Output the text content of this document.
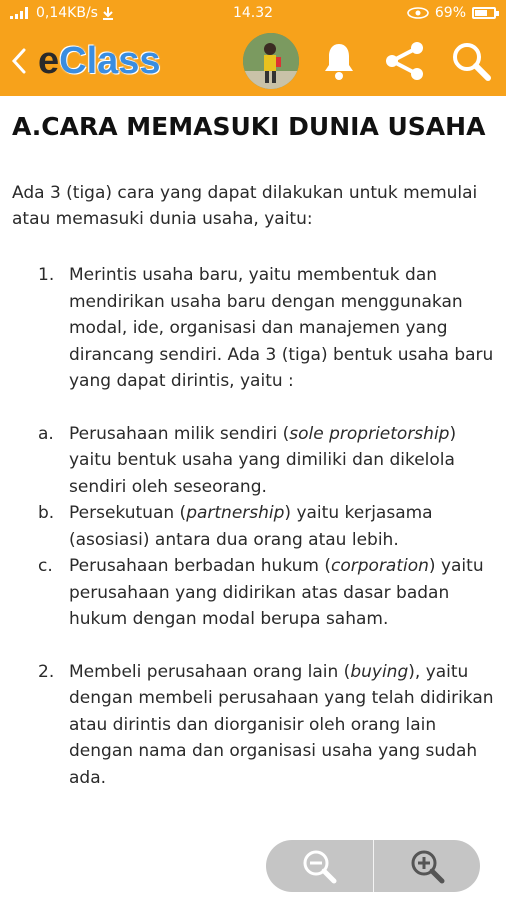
0,14KB/s	14.32	69%
eClass
A.CARA MEMASUKI DUNIA USAHA

Ada 3 (tiga) cara yang dapat dilakukan untuk memulai atau memasuki dunia usaha, yaitu:

1. Merintis usaha baru, yaitu membentuk dan mendirikan usaha baru dengan menggunakan modal, ide, organisasi dan manajemen yang dirancang sendiri. Ada 3 (tiga) bentuk usaha baru yang dapat dirintis, yaitu :
a. Perusahaan milik sendiri (sole proprietorship) yaitu bentuk usaha yang dimiliki dan dikelola sendiri oleh seseorang.
b. Persekutuan (partnership) yaitu kerjasama (asosiasi) antara dua orang atau lebih.
c. Perusahaan berbadan hukum (corporation) yaitu perusahaan yang didirikan atas dasar badan hukum dengan modal berupa saham.
2. Membeli perusahaan orang lain (buying), yaitu dengan membeli perusahaan yang telah didirikan atau dirintis dan diorganisir oleh orang lain dengan nama dan organisasi usaha yang sudah ada.
